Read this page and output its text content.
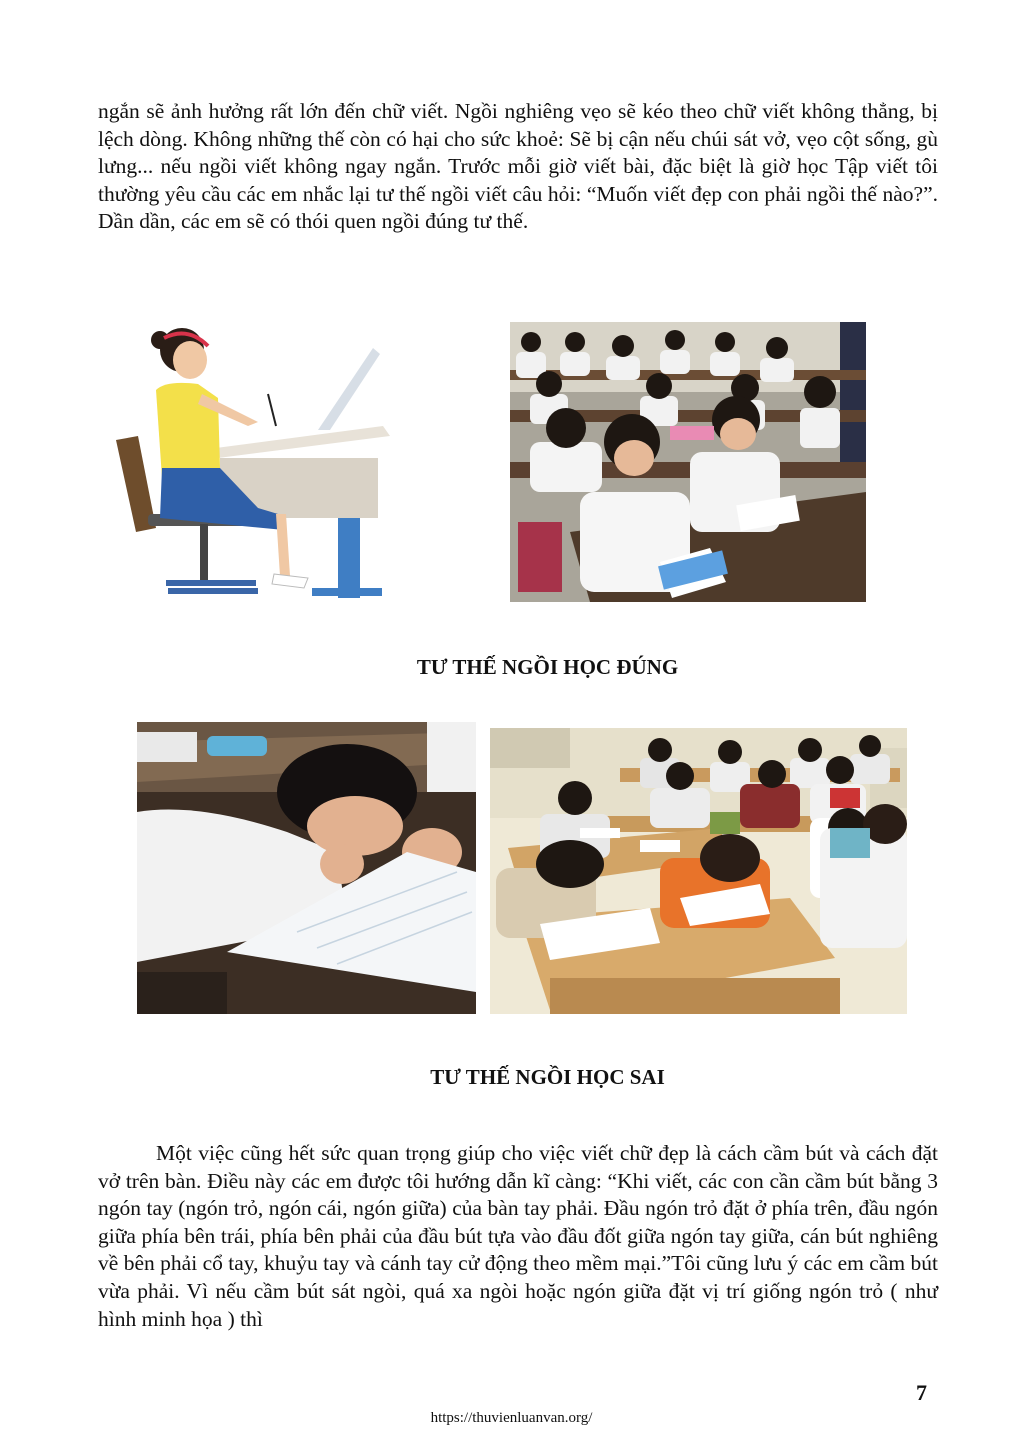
ngắn sẽ ảnh hưởng rất lớn đến chữ viết. Ngồi nghiêng vẹo sẽ kéo theo chữ viết không thẳng, bị lệch dòng. Không những thế còn có hại cho sức khoẻ: Sẽ bị cận nếu chúi sát vở, vẹo cột sống, gù lưng... nếu ngồi viết không ngay ngắn. Trước mỗi giờ viết bài, đặc biệt là giờ học Tập viết tôi thường yêu cầu các em nhắc lại tư thế ngồi viết câu hỏi: “Muốn viết đẹp con phải ngồi thế nào?”. Dần dần, các em sẽ có thói quen ngồi đúng tư thế.

TƯ THẾ NGỒI HỌC ĐÚNG

TƯ THẾ NGỒI HỌC SAI

Một việc cũng hết sức quan trọng giúp cho việc viết chữ đẹp là cách cầm bút và cách đặt vở trên bàn. Điều này các em được tôi hướng dẫn kĩ càng: “Khi viết, các con cần cầm bút bằng 3 ngón tay (ngón trỏ, ngón cái, ngón giữa) của bàn tay phải. Đầu ngón trỏ đặt ở phía trên, đầu ngón giữa phía bên trái, phía bên phải của đầu bút tựa vào đầu đốt giữa ngón tay giữa, cán bút nghiêng về bên phải cổ tay, khuỷu tay và cánh tay cử động theo mềm mại.”Tôi cũng lưu ý các em cầm bút vừa phải. Vì nếu cầm bút sát ngòi, quá xa ngòi hoặc ngón giữa đặt vị trí giống ngón trỏ ( như hình minh họa ) thì

7
https://thuvienluanvan.org/
